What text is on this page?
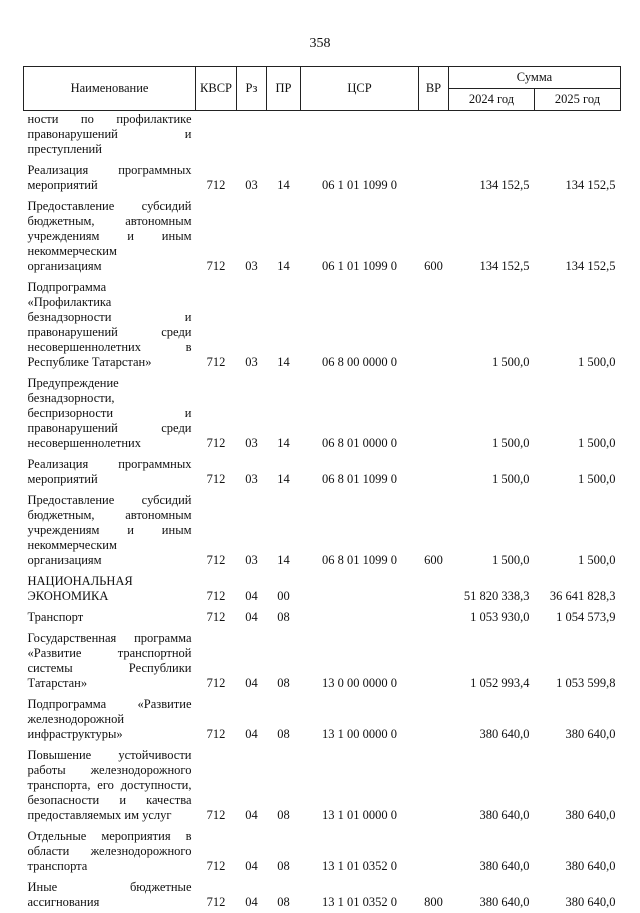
358
Наименование	КВСР	Рз	ПР	ЦСР	ВР	Сумма	
						2024 год	2025 год
ности по профилактике правонарушений и преступлений							
Реализация программных мероприятий	712	03	14	06 1 01 1099 0		134 152,5	134 152,5
Предоставление субсидий бюджетным, автономным учреждениям и иным некоммерческим организациям	712	03	14	06 1 01 1099 0	600	134 152,5	134 152,5
Подпрограмма «Профилактика безнадзорности и правонарушений среди несовершеннолетних в Республике Татарстан»	712	03	14	06 8 00 0000 0		1 500,0	1 500,0
Предупреждение безнадзорности, беспризорности и правонарушений среди несовершеннолетних	712	03	14	06 8 01 0000 0		1 500,0	1 500,0
Реализация программных мероприятий	712	03	14	06 8 01 1099 0		1 500,0	1 500,0
Предоставление субсидий бюджетным, автономным учреждениям и иным некоммерческим организациям	712	03	14	06 8 01 1099 0	600	1 500,0	1 500,0
НАЦИОНАЛЬНАЯ ЭКОНОМИКА	712	04	00			51 820 338,3	36 641 828,3
Транспорт	712	04	08			1 053 930,0	1 054 573,9
Государственная программа «Развитие транспортной системы Республики Татарстан»	712	04	08	13 0 00 0000 0		1 052 993,4	1 053 599,8
Подпрограмма «Развитие железнодорожной инфраструктуры»	712	04	08	13 1 00 0000 0		380 640,0	380 640,0
Повышение устойчивости работы железнодорожного транспорта, его доступности, безопасности и качества предоставляемых им услуг	712	04	08	13 1 01 0000 0		380 640,0	380 640,0
Отдельные мероприятия в области железнодорожного транспорта	712	04	08	13 1 01 0352 0		380 640,0	380 640,0
Иные бюджетные ассигнования	712	04	08	13 1 01 0352 0	800	380 640,0	380 640,0
